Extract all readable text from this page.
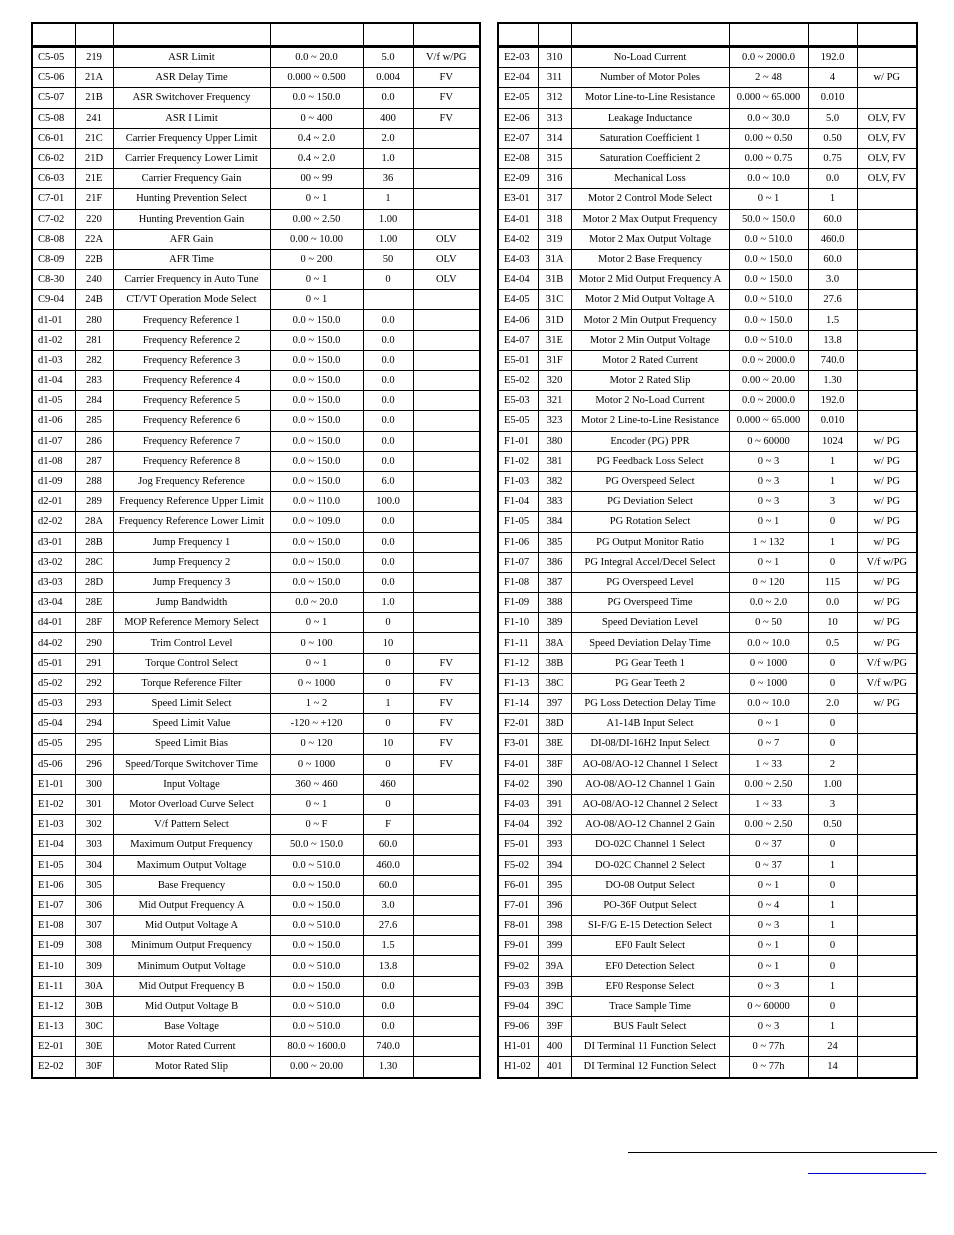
C5-05	219	ASR Limit	0.0 ~ 20.0	5.0	V/f w/PG
C5-06	21A	ASR Delay Time	0.000 ~ 0.500	0.004	FV
C5-07	21B	ASR Switchover Frequency	0.0 ~ 150.0	0.0	FV
C5-08	241	ASR I Limit	0 ~ 400	400	FV
C6-01	21C	Carrier Frequency Upper Limit	0.4 ~ 2.0	2.0	
C6-02	21D	Carrier Frequency Lower Limit	0.4 ~ 2.0	1.0	
C6-03	21E	Carrier Frequency Gain	00 ~ 99	36	
C7-01	21F	Hunting Prevention Select	0 ~ 1	1	
C7-02	220	Hunting Prevention Gain	0.00 ~ 2.50	1.00	
C8-08	22A	AFR Gain	0.00 ~ 10.00	1.00	OLV
C8-09	22B	AFR Time	0 ~ 200	50	OLV
C8-30	240	Carrier Frequency in Auto Tune	0 ~ 1	0	OLV
C9-04	24B	CT/VT Operation Mode Select	0 ~ 1		
d1-01	280	Frequency Reference 1	0.0 ~ 150.0	0.0	
d1-02	281	Frequency Reference 2	0.0 ~ 150.0	0.0	
d1-03	282	Frequency Reference 3	0.0 ~ 150.0	0.0	
d1-04	283	Frequency Reference 4	0.0 ~ 150.0	0.0	
d1-05	284	Frequency Reference 5	0.0 ~ 150.0	0.0	
d1-06	285	Frequency Reference 6	0.0 ~ 150.0	0.0	
d1-07	286	Frequency Reference 7	0.0 ~ 150.0	0.0	
d1-08	287	Frequency Reference 8	0.0 ~ 150.0	0.0	
d1-09	288	Jog Frequency Reference	0.0 ~ 150.0	6.0	
d2-01	289	Frequency Reference Upper Limit	0.0 ~ 110.0	100.0	
d2-02	28A	Frequency Reference Lower Limit	0.0 ~ 109.0	0.0	
d3-01	28B	Jump Frequency 1	0.0 ~ 150.0	0.0	
d3-02	28C	Jump Frequency 2	0.0 ~ 150.0	0.0	
d3-03	28D	Jump Frequency 3	0.0 ~ 150.0	0.0	
d3-04	28E	Jump Bandwidth	0.0 ~ 20.0	1.0	
d4-01	28F	MOP Reference Memory Select	0 ~ 1	0	
d4-02	290	Trim Control Level	0 ~ 100	10	
d5-01	291	Torque Control Select	0 ~ 1	0	FV
d5-02	292	Torque Reference Filter	0 ~ 1000	0	FV
d5-03	293	Speed Limit Select	1 ~ 2	1	FV
d5-04	294	Speed Limit Value	-120 ~ +120	0	FV
d5-05	295	Speed Limit Bias	0 ~ 120	10	FV
d5-06	296	Speed/Torque Switchover Time	0 ~ 1000	0	FV
E1-01	300	Input Voltage	360 ~ 460	460	
E1-02	301	Motor Overload Curve Select	0 ~ 1	0	
E1-03	302	V/f Pattern Select	0 ~ F	F	
E1-04	303	Maximum Output Frequency	50.0 ~ 150.0	60.0	
E1-05	304	Maximum Output Voltage	0.0 ~ 510.0	460.0	
E1-06	305	Base Frequency	0.0 ~ 150.0	60.0	
E1-07	306	Mid Output Frequency A	0.0 ~ 150.0	3.0	
E1-08	307	Mid Output Voltage A	0.0 ~ 510.0	27.6	
E1-09	308	Minimum Output Frequency	0.0 ~ 150.0	1.5	
E1-10	309	Minimum Output Voltage	0.0 ~ 510.0	13.8	
E1-11	30A	Mid Output Frequency B	0.0 ~ 150.0	0.0	
E1-12	30B	Mid Output Voltage B	0.0 ~ 510.0	0.0	
E1-13	30C	Base Voltage	0.0 ~ 510.0	0.0	
E2-01	30E	Motor Rated Current	80.0 ~ 1600.0	740.0	
E2-02	30F	Motor Rated Slip	0.00 ~ 20.00	1.30	

E2-03	310	No-Load Current	0.0 ~ 2000.0	192.0	
E2-04	311	Number of Motor Poles	2 ~ 48	4	w/ PG
E2-05	312	Motor Line-to-Line Resistance	0.000 ~ 65.000	0.010	
E2-06	313	Leakage Inductance	0.0 ~ 30.0	5.0	OLV, FV
E2-07	314	Saturation Coefficient 1	0.00 ~ 0.50	0.50	OLV, FV
E2-08	315	Saturation Coefficient 2	0.00 ~ 0.75	0.75	OLV, FV
E2-09	316	Mechanical Loss	0.0 ~ 10.0	0.0	OLV, FV
E3-01	317	Motor 2 Control Mode Select	0 ~ 1	1	
E4-01	318	Motor 2 Max Output Frequency	50.0 ~ 150.0	60.0	
E4-02	319	Motor 2 Max Output Voltage	0.0 ~ 510.0	460.0	
E4-03	31A	Motor 2 Base Frequency	0.0 ~ 150.0	60.0	
E4-04	31B	Motor 2 Mid Output Frequency A	0.0 ~ 150.0	3.0	
E4-05	31C	Motor 2 Mid Output Voltage A	0.0 ~ 510.0	27.6	
E4-06	31D	Motor 2 Min Output Frequency	0.0 ~ 150.0	1.5	
E4-07	31E	Motor 2 Min Output Voltage	0.0 ~ 510.0	13.8	
E5-01	31F	Motor 2 Rated Current	0.0 ~ 2000.0	740.0	
E5-02	320	Motor 2 Rated Slip	0.00 ~ 20.00	1.30	
E5-03	321	Motor 2 No-Load Current	0.0 ~ 2000.0	192.0	
E5-05	323	Motor 2 Line-to-Line Resistance	0.000 ~ 65.000	0.010	
F1-01	380	Encoder (PG) PPR	0 ~ 60000	1024	w/ PG
F1-02	381	PG Feedback Loss Select	0 ~ 3	1	w/ PG
F1-03	382	PG Overspeed Select	0 ~ 3	1	w/ PG
F1-04	383	PG Deviation Select	0 ~ 3	3	w/ PG
F1-05	384	PG Rotation Select	0 ~ 1	0	w/ PG
F1-06	385	PG Output Monitor Ratio	1 ~ 132	1	w/ PG
F1-07	386	PG Integral Accel/Decel Select	0 ~ 1	0	V/f w/PG
F1-08	387	PG Overspeed Level	0 ~ 120	115	w/ PG
F1-09	388	PG Overspeed Time	0.0 ~ 2.0	0.0	w/ PG
F1-10	389	Speed Deviation Level	0 ~ 50	10	w/ PG
F1-11	38A	Speed Deviation Delay Time	0.0 ~ 10.0	0.5	w/ PG
F1-12	38B	PG Gear Teeth 1	0 ~ 1000	0	V/f w/PG
F1-13	38C	PG Gear Teeth 2	0 ~ 1000	0	V/f w/PG
F1-14	397	PG Loss Detection Delay Time	0.0 ~ 10.0	2.0	w/ PG
F2-01	38D	A1-14B Input Select	0 ~ 1	0	
F3-01	38E	DI-08/DI-16H2 Input Select	0 ~ 7	0	
F4-01	38F	AO-08/AO-12 Channel 1 Select	1 ~ 33	2	
F4-02	390	AO-08/AO-12 Channel 1 Gain	0.00 ~ 2.50	1.00	
F4-03	391	AO-08/AO-12 Channel 2 Select	1 ~ 33	3	
F4-04	392	AO-08/AO-12 Channel 2 Gain	0.00 ~ 2.50	0.50	
F5-01	393	DO-02C Channel 1 Select	0 ~ 37	0	
F5-02	394	DO-02C Channel 2 Select	0 ~ 37	1	
F6-01	395	DO-08 Output Select	0 ~ 1	0	
F7-01	396	PO-36F Output Select	0 ~ 4	1	
F8-01	398	SI-F/G E-15 Detection Select	0 ~ 3	1	
F9-01	399	EF0 Fault Select	0 ~ 1	0	
F9-02	39A	EF0 Detection Select	0 ~ 1	0	
F9-03	39B	EF0 Response Select	0 ~ 3	1	
F9-04	39C	Trace Sample Time	0 ~ 60000	0	
F9-06	39F	BUS Fault Select	0 ~ 3	1	
H1-01	400	DI Terminal 11 Function Select	0 ~ 77h	24	
H1-02	401	DI Terminal 12 Function Select	0 ~ 77h	14	
